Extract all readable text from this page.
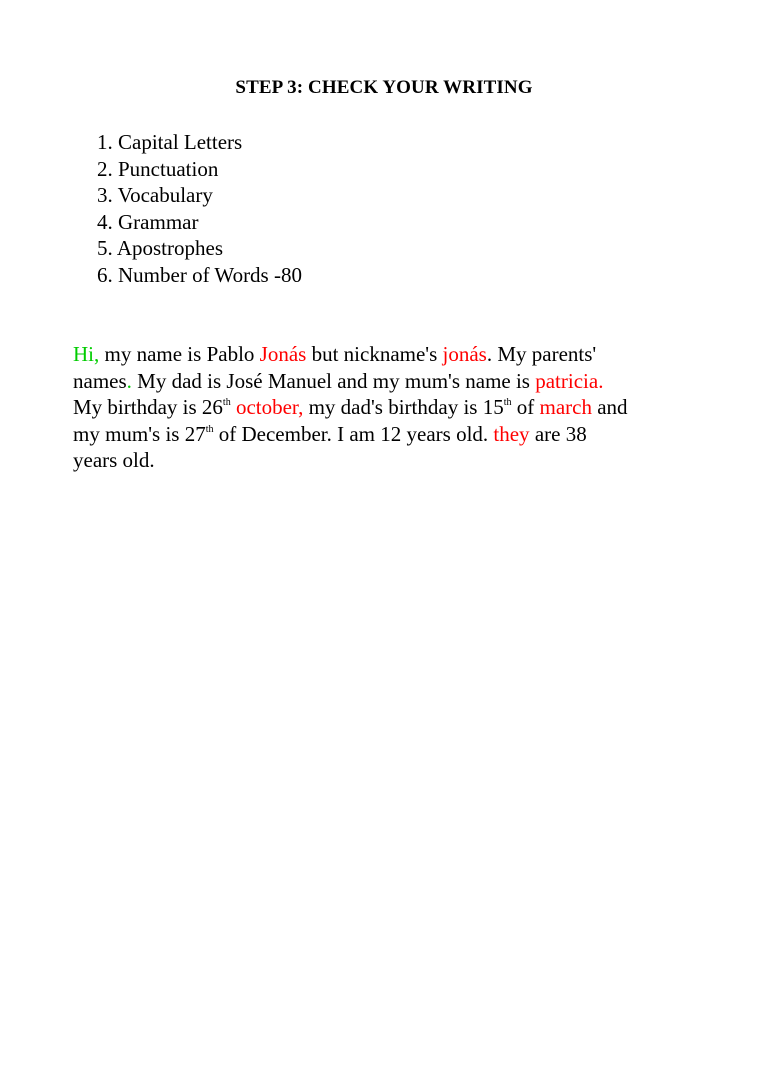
STEP 3: CHECK YOUR WRITING
1. Capital Letters
2. Punctuation
3. Vocabulary
4. Grammar
5. Apostrophes
6. Number of Words -80
Hi, my name is Pablo Jonás but nickname's jonás. My parents'
names. My dad is José Manuel and my mum's name is patricia.
My birthday is 26th october, my dad's birthday is 15th of march and
my mum's is 27th of December. I am 12 years old. they are 38
years old.
